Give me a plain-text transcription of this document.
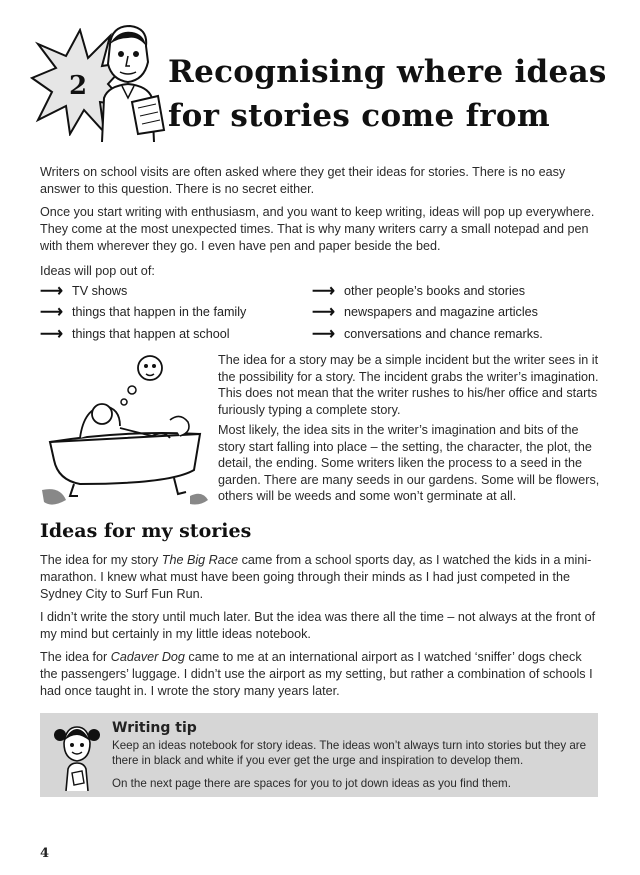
2	Recognising where ideas
for stories come from

Writers on school visits are often asked where they get their ideas for stories. There is no easy answer to this question. There is no secret either.

Once you start writing with enthusiasm, and you want to keep writing, ideas will pop up everywhere. They come at the most unexpected times. That is why many writers carry a small notepad and pen with them wherever they go. I even have pen and paper beside the bed.

Ideas will pop out of:

⟶ TV shows
⟶ things that happen in the family
⟶ things that happen at school
⟶ other people’s books and stories
⟶ newspapers and magazine articles
⟶ conversations and chance remarks.

The idea for a story may be a simple incident but the writer sees in it the possibility for a story. The incident grabs the writer’s imagination. This does not mean that the writer rushes to his/her office and starts furiously typing a complete story.

Most likely, the idea sits in the writer’s imagination and bits of the story start falling into place – the setting, the character, the plot, the detail, the ending. Some writers liken the process to a seed in the garden. There are many seeds in our gardens. Some will be flowers, others will be weeds and some won’t germinate at all.

Ideas for my stories

The idea for my story The Big Race came from a school sports day, as I watched the kids in a mini-marathon. I knew what must have been going through their minds as I had just competed in the Sydney City to Surf Fun Run.

I didn’t write the story until much later. But the idea was there all the time – not always at the front of my mind but certainly in my little ideas notebook.

The idea for Cadaver Dog came to me at an international airport as I watched ‘sniffer’ dogs check the passengers’ luggage. I didn’t use the airport as my setting, but rather a combination of schools I had once taught in. I wrote the story many years later.

Writing tip

Keep an ideas notebook for story ideas. The ideas won’t always turn into stories but they are there in black and white if you ever get the urge and inspiration to develop them.

On the next page there are spaces for you to jot down ideas as you find them.

4
